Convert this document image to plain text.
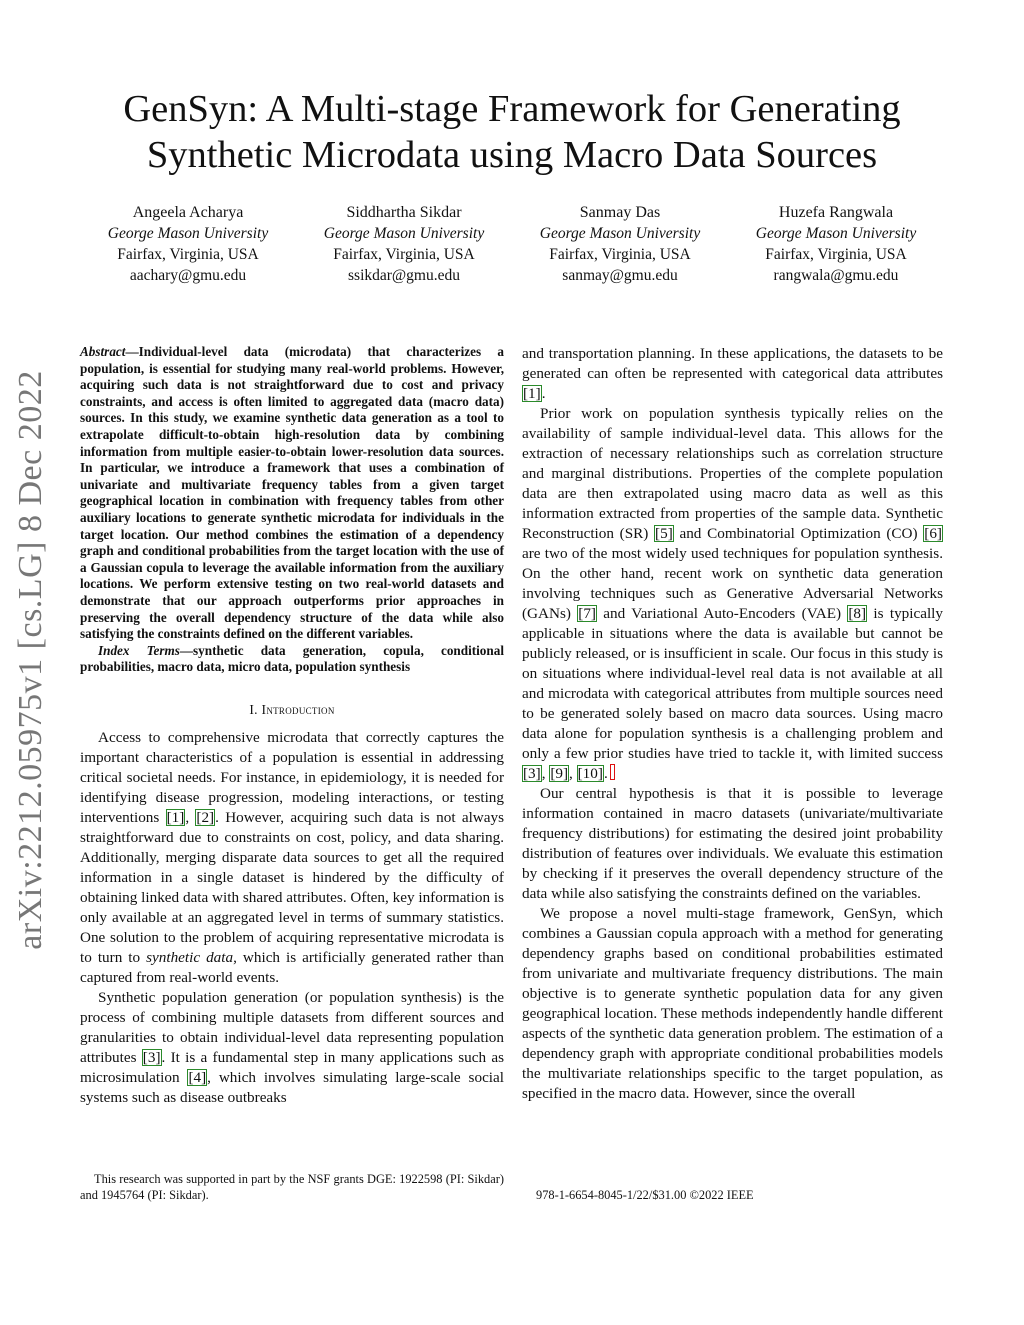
arXiv:2212.05975v1 [cs.LG] 8 Dec 2022
GenSyn: A Multi-stage Framework for Generating Synthetic Microdata using Macro Data Sources
Angeela Acharya
George Mason University
Fairfax, Virginia, USA
aachary@gmu.edu
Siddhartha Sikdar
George Mason University
Fairfax, Virginia, USA
ssikdar@gmu.edu
Sanmay Das
George Mason University
Fairfax, Virginia, USA
sanmay@gmu.edu
Huzefa Rangwala
George Mason University
Fairfax, Virginia, USA
rangwala@gmu.edu

Abstract—Individual-level data (microdata) that characterizes a population, is essential for studying many real-world problems. However, acquiring such data is not straightforward due to cost and privacy constraints, and access is often limited to aggregated data (macro data) sources. In this study, we examine synthetic data generation as a tool to extrapolate difficult-to-obtain high-resolution data by combining information from multiple easier-to-obtain lower-resolution data sources. In particular, we introduce a framework that uses a combination of univariate and multivariate frequency tables from a given target geographical location in combination with frequency tables from other auxiliary locations to generate synthetic microdata for individuals in the target location. Our method combines the estimation of a dependency graph and conditional probabilities from the target location with the use of a Gaussian copula to leverage the available information from the auxiliary locations. We perform extensive testing on two real-world datasets and demonstrate that our approach outperforms prior approaches in preserving the overall dependency structure of the data while also satisfying the constraints defined on the different variables.

Index Terms—synthetic data generation, copula, conditional probabilities, macro data, micro data, population synthesis

I. Introduction

Access to comprehensive microdata that correctly captures the important characteristics of a population is essential in addressing critical societal needs. For instance, in epidemiology, it is needed for identifying disease progression, modeling interactions, or testing interventions [1], [2]. However, acquiring such data is not always straightforward due to constraints on cost, policy, and data sharing. Additionally, merging disparate data sources to get all the required information in a single dataset is hindered by the difficulty of obtaining linked data with shared attributes. Often, key information is only available at an aggregated level in terms of summary statistics. One solution to the problem of acquiring representative microdata is to turn to synthetic data, which is artificially generated rather than captured from real-world events.

Synthetic population generation (or population synthesis) is the process of combining multiple datasets from different sources and granularities to obtain individual-level data representing population attributes [3]. It is a fundamental step in many applications such as microsimulation [4], which involves simulating large-scale social systems such as disease outbreaks

and transportation planning. In these applications, the datasets to be generated can often be represented with categorical data attributes [1].

Prior work on population synthesis typically relies on the availability of sample individual-level data. This allows for the extraction of necessary relationships such as correlation structure and marginal distributions. Properties of the complete population data are then extrapolated using macro data as well as this information extracted from properties of the sample data. Synthetic Reconstruction (SR) [5] and Combinatorial Optimization (CO) [6] are two of the most widely used techniques for population synthesis. On the other hand, recent work on synthetic data generation involving techniques such as Generative Adversarial Networks (GANs) [7] and Variational Auto-Encoders (VAE) [8] is typically applicable in situations where the data is available but cannot be publicly released, or is insufficient in scale. Our focus in this study is on situations where individual-level real data is not available at all and microdata with categorical attributes from multiple sources need to be generated solely based on macro data sources. Using macro data alone for population synthesis is a challenging problem and only a few prior studies have tried to tackle it, with limited success [3], [9], [10].

Our central hypothesis is that it is possible to leverage information contained in macro datasets (univariate/multivariate frequency distributions) for estimating the desired joint probability distribution of features over individuals. We evaluate this estimation by checking if it preserves the overall dependency structure of the data while also satisfying the constraints defined on the variables.

We propose a novel multi-stage framework, GenSyn, which combines a Gaussian copula approach with a method for generating dependency graphs based on conditional probabilities estimated from univariate and multivariate frequency distributions. The main objective is to generate synthetic population data for any given geographical location. These methods independently handle different aspects of the synthetic data generation problem. The estimation of a dependency graph with appropriate conditional probabilities models the multivariate relationships specific to the target population, as specified in the macro data. However, since the overall

This research was supported in part by the NSF grants DGE: 1922598 (PI: Sikdar) and 1945764 (PI: Sikdar).	978-1-6654-8045-1/22/$31.00 ©2022 IEEE
